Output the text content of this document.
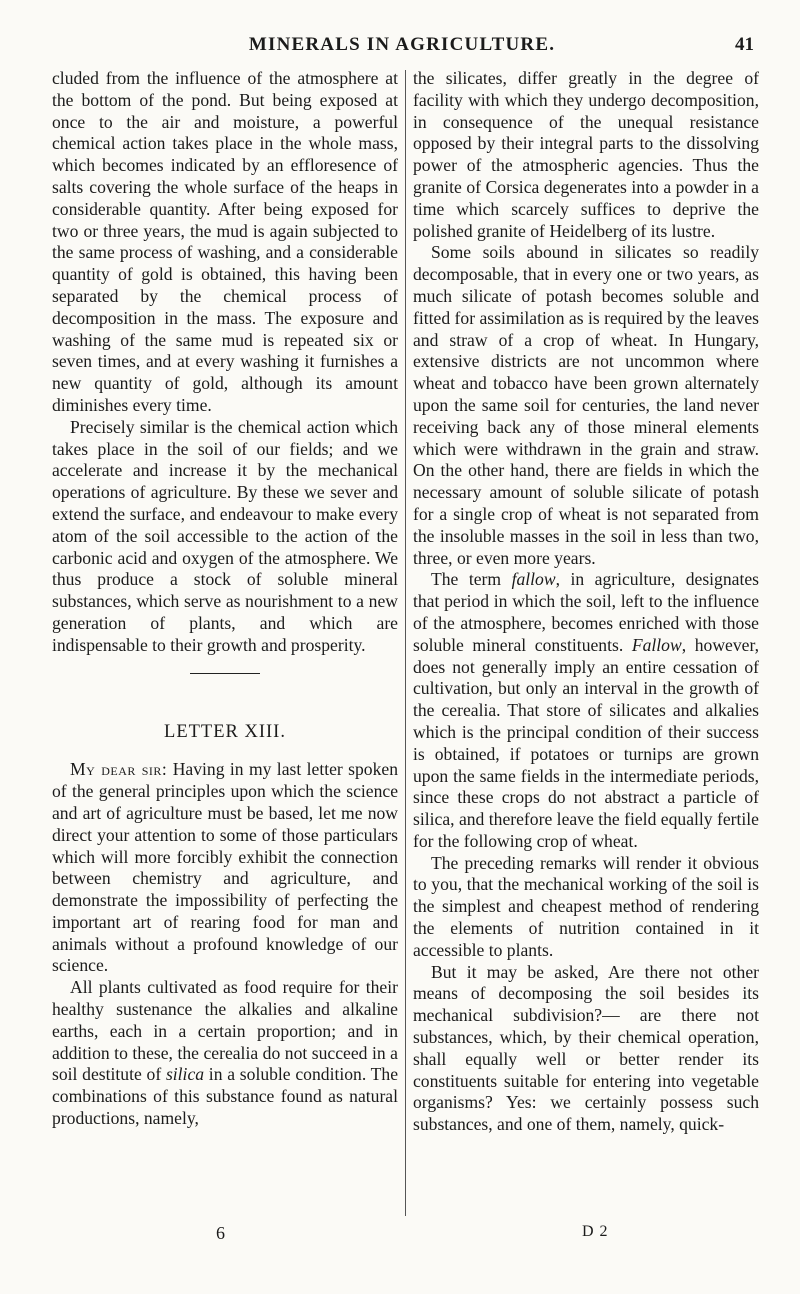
MINERALS IN AGRICULTURE.	41

cluded from the influence of the atmosphere at the bottom of the pond. But being exposed at once to the air and moisture, a powerful chemical action takes place in the whole mass, which becomes indicated by an effloresence of salts covering the whole surface of the heaps in considerable quantity. After being exposed for two or three years, the mud is again subjected to the same process of washing, and a considerable quantity of gold is obtained, this having been separated by the chemical process of decomposition in the mass. The exposure and washing of the same mud is repeated six or seven times, and at every washing it furnishes a new quantity of gold, although its amount diminishes every time.

Precisely similar is the chemical action which takes place in the soil of our fields; and we accelerate and increase it by the mechanical operations of agriculture. By these we sever and extend the surface, and endeavour to make every atom of the soil accessible to the action of the carbonic acid and oxygen of the atmosphere. We thus produce a stock of soluble mineral substances, which serve as nourishment to a new generation of plants, and which are indispensable to their growth and prosperity.

LETTER XIII.

My dear sir: Having in my last letter spoken of the general principles upon which the science and art of agriculture must be based, let me now direct your attention to some of those particulars which will more forcibly exhibit the connection between chemistry and agriculture, and demonstrate the impossibility of perfecting the important art of rearing food for man and animals without a profound knowledge of our science.

All plants cultivated as food require for their healthy sustenance the alkalies and alkaline earths, each in a certain proportion; and in addition to these, the cerealia do not succeed in a soil destitute of silica in a soluble condition. The combinations of this substance found as natural productions, namely,

the silicates, differ greatly in the degree of facility with which they undergo decomposition, in consequence of the unequal resistance opposed by their integral parts to the dissolving power of the atmospheric agencies. Thus the granite of Corsica degenerates into a powder in a time which scarcely suffices to deprive the polished granite of Heidelberg of its lustre.

Some soils abound in silicates so readily decomposable, that in every one or two years, as much silicate of potash becomes soluble and fitted for assimilation as is required by the leaves and straw of a crop of wheat. In Hungary, extensive districts are not uncommon where wheat and tobacco have been grown alternately upon the same soil for centuries, the land never receiving back any of those mineral elements which were withdrawn in the grain and straw. On the other hand, there are fields in which the necessary amount of soluble silicate of potash for a single crop of wheat is not separated from the insoluble masses in the soil in less than two, three, or even more years.

The term fallow, in agriculture, designates that period in which the soil, left to the influence of the atmosphere, becomes enriched with those soluble mineral constituents. Fallow, however, does not generally imply an entire cessation of cultivation, but only an interval in the growth of the cerealia. That store of silicates and alkalies which is the principal condition of their success is obtained, if potatoes or turnips are grown upon the same fields in the intermediate periods, since these crops do not abstract a particle of silica, and therefore leave the field equally fertile for the following crop of wheat.

The preceding remarks will render it obvious to you, that the mechanical working of the soil is the simplest and cheapest method of rendering the elements of nutrition contained in it accessible to plants.

But it may be asked, Are there not other means of decomposing the soil besides its mechanical subdivision?— are there not substances, which, by their chemical operation, shall equally well or better render its constituents suitable for entering into vegetable organisms? Yes: we certainly possess such substances, and one of them, namely, quick-

6	D 2
